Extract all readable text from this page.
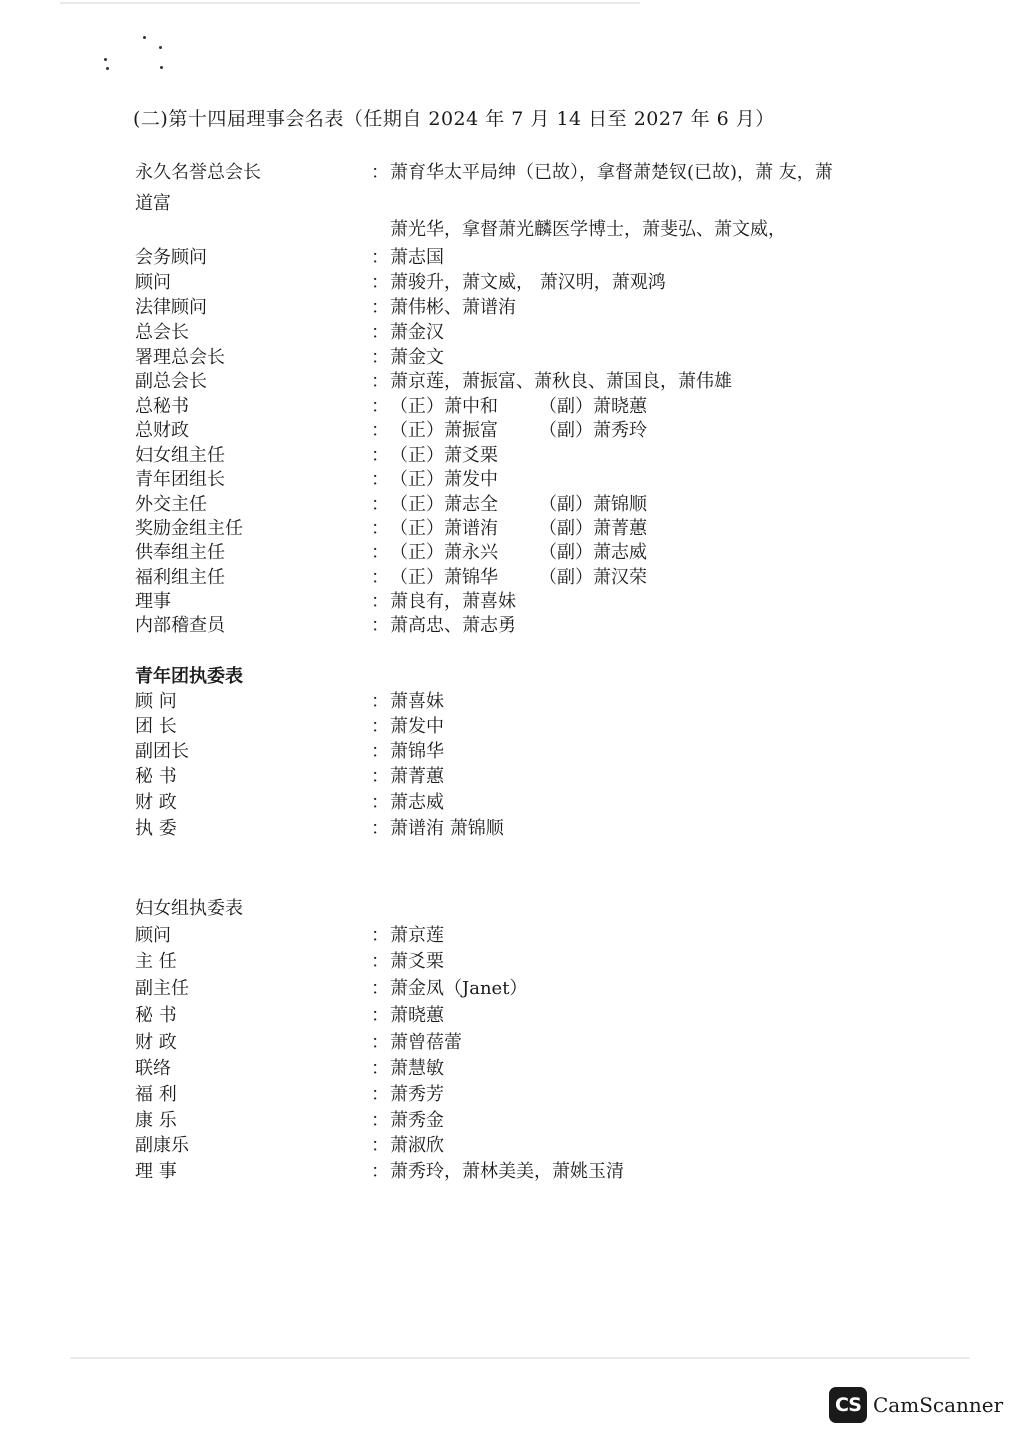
(二)第十四届理事会名表（任期自 2024 年 7 月 14 日至 2027 年 6 月）
永久名誉总会长	： 萧育华太平局绅（已故），拿督萧楚钗(已故)，萧 友，萧
道富
萧光华，拿督萧光麟医学博士，萧斐弘、萧文威，
会务顾问	： 萧志国
顾问	： 萧骏升，萧文威， 萧汉明，萧观鸿
法律顾问	： 萧伟彬、萧谱洧
总会长	： 萧金汉
署理总会长	： 萧金文
副总会长	： 萧京莲，萧振富、萧秋良、萧国良，萧伟雄
总秘书	： （正）萧中和 （副）萧晓蕙
总财政	： （正）萧振富 （副）萧秀玲
妇女组主任	： （正）萧爻栗
青年团组长	： （正）萧发中
外交主任	： （正）萧志全 （副）萧锦顺
奖励金组主任	： （正）萧谱洧 （副）萧菁蕙
供奉组主任	： （正）萧永兴 （副）萧志威
福利组主任	： （正）萧锦华 （副）萧汉荣
理事	： 萧良有，萧喜妹
内部稽查员	： 萧高忠、萧志勇
青年团执委表
顾 问	： 萧喜妹
团 长	： 萧发中
副团长	： 萧锦华
秘 书	： 萧菁蕙
财 政	： 萧志威
执 委	： 萧谱洧 萧锦顺
妇女组执委表
顾问	： 萧京莲
主 任	： 萧爻栗
副主任	： 萧金凤（Janet）
秘 书	： 萧晓蕙
财 政	： 萧曾蓓蕾
联络	： 萧慧敏
福 利	： 萧秀芳
康 乐	： 萧秀金
副康乐	： 萧淑欣
理 事	： 萧秀玲，萧林美美，萧姚玉清
CS CamScanner
